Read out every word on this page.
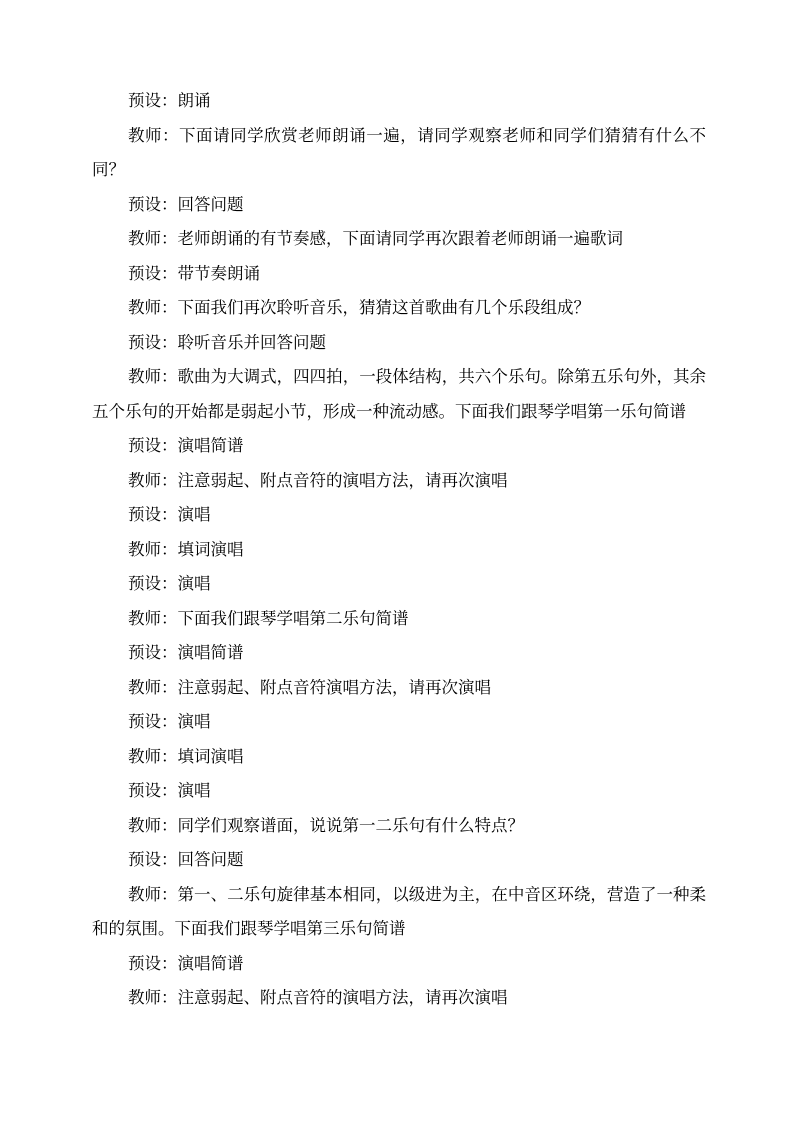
预设：朗诵

教师：下面请同学欣赏老师朗诵一遍，请同学观察老师和同学们猜猜有什么不同？

预设：回答问题

教师：老师朗诵的有节奏感，下面请同学再次跟着老师朗诵一遍歌词

预设：带节奏朗诵

教师：下面我们再次聆听音乐，猜猜这首歌曲有几个乐段组成？

预设：聆听音乐并回答问题

教师：歌曲为大调式，四四拍，一段体结构，共六个乐句。除第五乐句外，其余五个乐句的开始都是弱起小节，形成一种流动感。下面我们跟琴学唱第一乐句简谱

预设：演唱简谱

教师：注意弱起、附点音符的演唱方法，请再次演唱

预设：演唱

教师：填词演唱

预设：演唱

教师：下面我们跟琴学唱第二乐句简谱

预设：演唱简谱

教师：注意弱起、附点音符演唱方法，请再次演唱

预设：演唱

教师：填词演唱

预设：演唱

教师：同学们观察谱面，说说第一二乐句有什么特点？

预设：回答问题

教师：第一、二乐句旋律基本相同，以级进为主，在中音区环绕，营造了一种柔和的氛围。下面我们跟琴学唱第三乐句简谱

预设：演唱简谱

教师：注意弱起、附点音符的演唱方法，请再次演唱
